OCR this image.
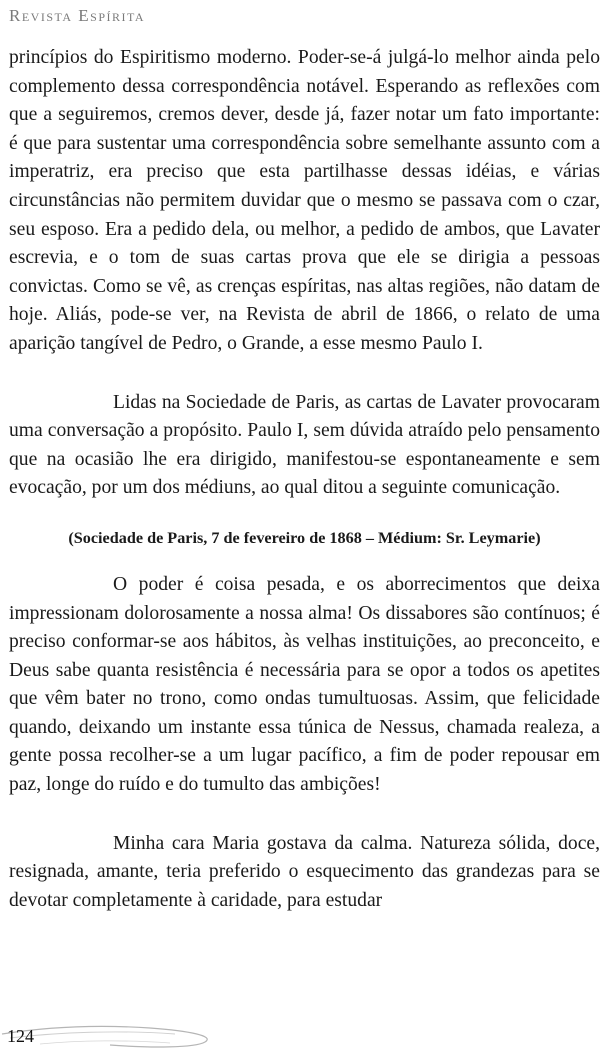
Revista Espírita

princípios do Espiritismo moderno. Poder-se-á julgá-lo melhor ainda pelo complemento dessa correspondência notável. Esperando as reflexões com que a seguiremos, cremos dever, desde já, fazer notar um fato importante: é que para sustentar uma correspondência sobre semelhante assunto com a imperatriz, era preciso que esta partilhasse dessas idéias, e várias circunstâncias não permitem duvidar que o mesmo se passava com o czar, seu esposo. Era a pedido dela, ou melhor, a pedido de ambos, que Lavater escrevia, e o tom de suas cartas prova que ele se dirigia a pessoas convictas. Como se vê, as crenças espíritas, nas altas regiões, não datam de hoje. Aliás, pode-se ver, na Revista de abril de 1866, o relato de uma aparição tangível de Pedro, o Grande, a esse mesmo Paulo I.

Lidas na Sociedade de Paris, as cartas de Lavater provocaram uma conversação a propósito. Paulo I, sem dúvida atraído pelo pensamento que na ocasião lhe era dirigido, manifestou-se espontaneamente e sem evocação, por um dos médiuns, ao qual ditou a seguinte comunicação.

(Sociedade de Paris, 7 de fevereiro de 1868 – Médium: Sr. Leymarie)

O poder é coisa pesada, e os aborrecimentos que deixa impressionam dolorosamente a nossa alma! Os dissabores são contínuos; é preciso conformar-se aos hábitos, às velhas instituições, ao preconceito, e Deus sabe quanta resistência é necessária para se opor a todos os apetites que vêm bater no trono, como ondas tumultuosas. Assim, que felicidade quando, deixando um instante essa túnica de Nessus, chamada realeza, a gente possa recolher-se a um lugar pacífico, a fim de poder repousar em paz, longe do ruído e do tumulto das ambições!

Minha cara Maria gostava da calma. Natureza sólida, doce, resignada, amante, teria preferido o esquecimento das grandezas para se devotar completamente à caridade, para estudar

124
